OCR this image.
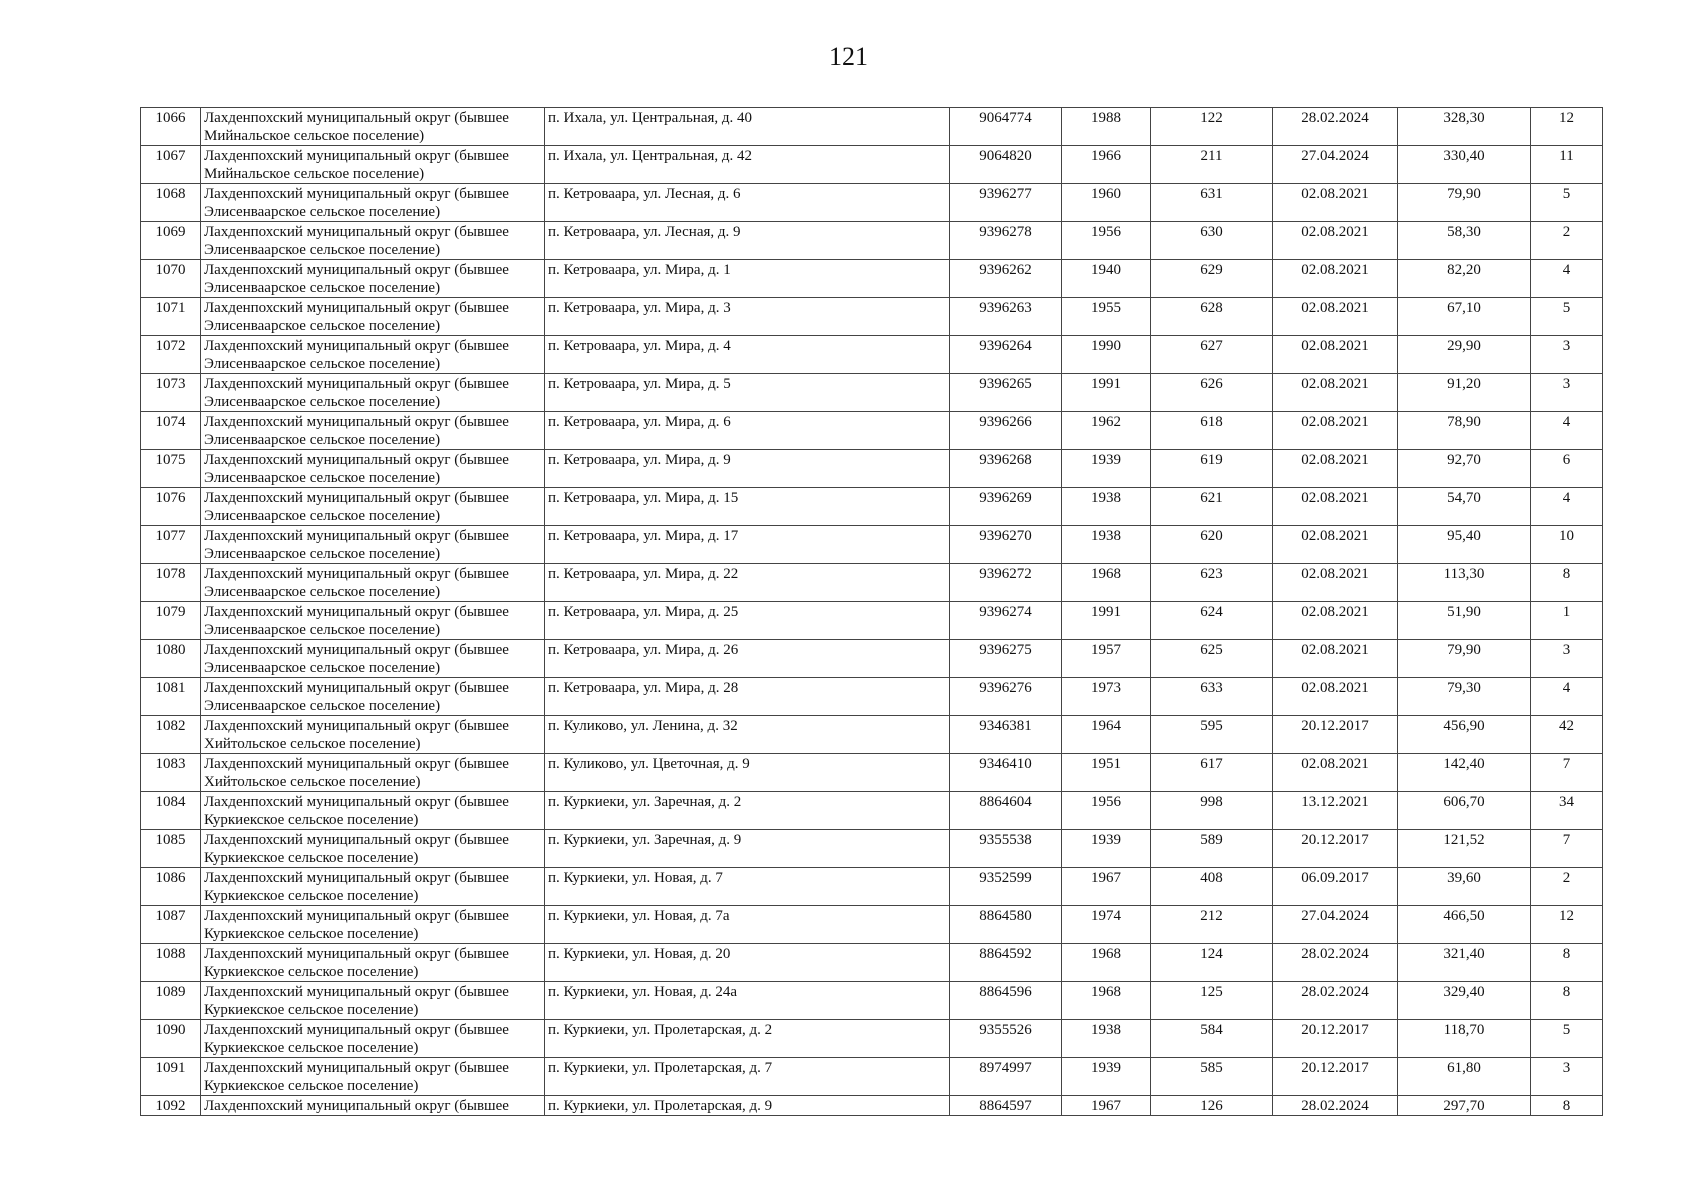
121
1066	Лахденпохский муниципальный округ (бывшее Мийнальское сельское поселение)	п. Ихала, ул. Центральная, д. 40	9064774	1988	122	28.02.2024	328,30	12
1067	Лахденпохский муниципальный округ (бывшее Мийнальское сельское поселение)	п. Ихала, ул. Центральная, д. 42	9064820	1966	211	27.04.2024	330,40	11
1068	Лахденпохский муниципальный округ (бывшее Элисенваарское сельское поселение)	п. Кетроваара, ул. Лесная, д. 6	9396277	1960	631	02.08.2021	79,90	5
1069	Лахденпохский муниципальный округ (бывшее Элисенваарское сельское поселение)	п. Кетроваара, ул. Лесная, д. 9	9396278	1956	630	02.08.2021	58,30	2
1070	Лахденпохский муниципальный округ (бывшее Элисенваарское сельское поселение)	п. Кетроваара, ул. Мира, д. 1	9396262	1940	629	02.08.2021	82,20	4
1071	Лахденпохский муниципальный округ (бывшее Элисенваарское сельское поселение)	п. Кетроваара, ул. Мира, д. 3	9396263	1955	628	02.08.2021	67,10	5
1072	Лахденпохский муниципальный округ (бывшее Элисенваарское сельское поселение)	п. Кетроваара, ул. Мира, д. 4	9396264	1990	627	02.08.2021	29,90	3
1073	Лахденпохский муниципальный округ (бывшее Элисенваарское сельское поселение)	п. Кетроваара, ул. Мира, д. 5	9396265	1991	626	02.08.2021	91,20	3
1074	Лахденпохский муниципальный округ (бывшее Элисенваарское сельское поселение)	п. Кетроваара, ул. Мира, д. 6	9396266	1962	618	02.08.2021	78,90	4
1075	Лахденпохский муниципальный округ (бывшее Элисенваарское сельское поселение)	п. Кетроваара, ул. Мира, д. 9	9396268	1939	619	02.08.2021	92,70	6
1076	Лахденпохский муниципальный округ (бывшее Элисенваарское сельское поселение)	п. Кетроваара, ул. Мира, д. 15	9396269	1938	621	02.08.2021	54,70	4
1077	Лахденпохский муниципальный округ (бывшее Элисенваарское сельское поселение)	п. Кетроваара, ул. Мира, д. 17	9396270	1938	620	02.08.2021	95,40	10
1078	Лахденпохский муниципальный округ (бывшее Элисенваарское сельское поселение)	п. Кетроваара, ул. Мира, д. 22	9396272	1968	623	02.08.2021	113,30	8
1079	Лахденпохский муниципальный округ (бывшее Элисенваарское сельское поселение)	п. Кетроваара, ул. Мира, д. 25	9396274	1991	624	02.08.2021	51,90	1
1080	Лахденпохский муниципальный округ (бывшее Элисенваарское сельское поселение)	п. Кетроваара, ул. Мира, д. 26	9396275	1957	625	02.08.2021	79,90	3
1081	Лахденпохский муниципальный округ (бывшее Элисенваарское сельское поселение)	п. Кетроваара, ул. Мира, д. 28	9396276	1973	633	02.08.2021	79,30	4
1082	Лахденпохский муниципальный округ (бывшее Хийтольское сельское поселение)	п. Куликово, ул. Ленина, д. 32	9346381	1964	595	20.12.2017	456,90	42
1083	Лахденпохский муниципальный округ (бывшее Хийтольское сельское поселение)	п. Куликово, ул. Цветочная, д. 9	9346410	1951	617	02.08.2021	142,40	7
1084	Лахденпохский муниципальный округ (бывшее Куркиекское сельское поселение)	п. Куркиеки, ул. Заречная, д. 2	8864604	1956	998	13.12.2021	606,70	34
1085	Лахденпохский муниципальный округ (бывшее Куркиекское сельское поселение)	п. Куркиеки, ул. Заречная, д. 9	9355538	1939	589	20.12.2017	121,52	7
1086	Лахденпохский муниципальный округ (бывшее Куркиекское сельское поселение)	п. Куркиеки, ул. Новая, д. 7	9352599	1967	408	06.09.2017	39,60	2
1087	Лахденпохский муниципальный округ (бывшее Куркиекское сельское поселение)	п. Куркиеки, ул. Новая, д. 7а	8864580	1974	212	27.04.2024	466,50	12
1088	Лахденпохский муниципальный округ (бывшее Куркиекское сельское поселение)	п. Куркиеки, ул. Новая, д. 20	8864592	1968	124	28.02.2024	321,40	8
1089	Лахденпохский муниципальный округ (бывшее Куркиекское сельское поселение)	п. Куркиеки, ул. Новая, д. 24а	8864596	1968	125	28.02.2024	329,40	8
1090	Лахденпохский муниципальный округ (бывшее Куркиекское сельское поселение)	п. Куркиеки, ул. Пролетарская, д. 2	9355526	1938	584	20.12.2017	118,70	5
1091	Лахденпохский муниципальный округ (бывшее Куркиекское сельское поселение)	п. Куркиеки, ул. Пролетарская, д. 7	8974997	1939	585	20.12.2017	61,80	3
1092	Лахденпохский муниципальный округ (бывшее	п. Куркиеки, ул. Пролетарская, д. 9	8864597	1967	126	28.02.2024	297,70	8
